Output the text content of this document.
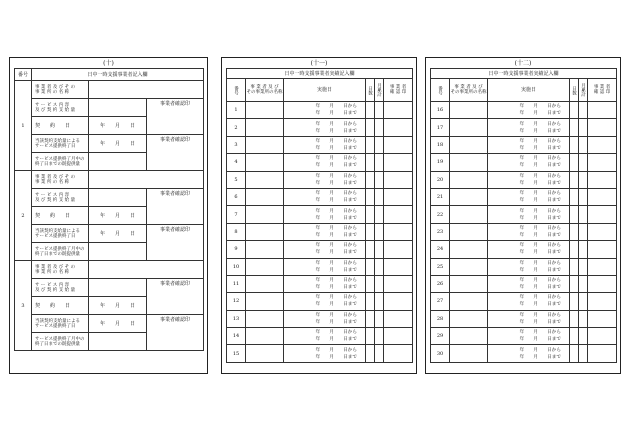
(十)
番号	日中一時支援事業者記入欄		
1	事 業 者 及 び そ の
事 業 所 の 名 称		
	サ ー ビ ス 内 容
及 び 契 約 支 給 量		事業者確認印
	契　　約　　日	年　　月　　日	
	当該契約支給量による
サービス提供終了日	年　　月　　日	事業者確認印
	サービス提供終了月中の
終了日までの既提供量		
2	事 業 者 及 び そ の
事 業 所 の 名 称		
	サ ー ビ ス 内 容
及 び 契 約 支 給 量		事業者確認印
	契　　約　　日	年　　月　　日	
	当該契約支給量による
サービス提供終了日	年　　月　　日	事業者確認印
	サービス提供終了月中の
終了日までの既提供量		
3	事 業 者 及 び そ の
事 業 所 の 名 称		
	サ ー ビ ス 内 容
及 び 契 約 支 給 量		事業者確認印
	契　　約　　日	年　　月　　日	
	当該契約支給量による
サービス提供終了日	年　　月　　日	事業者確認印
	サービス提供終了月中の
終了日までの既提供量		
(十一)
日中一時支援事業者実績記入欄					

番号	事 業 者 及 び
その事業所の名称	実施日	日数	月累計	事 業 者
確 認 印
1		年　　月　　日から
年　　月　　日まで			

2		年　　月　　日から
年　　月　　日まで			

3		年　　月　　日から
年　　月　　日まで			

4		年　　月　　日から
年　　月　　日まで			

5		年　　月　　日から
年　　月　　日まで			

6		年　　月　　日から
年　　月　　日まで			

7		年　　月　　日から
年　　月　　日まで			

8		年　　月　　日から
年　　月　　日まで			

9		年　　月　　日から
年　　月　　日まで			

10		年　　月　　日から
年　　月　　日まで			

11		年　　月　　日から
年　　月　　日まで			

12		年　　月　　日から
年　　月　　日まで			

13		年　　月　　日から
年　　月　　日まで			

14		年　　月　　日から
年　　月　　日まで			

15		年　　月　　日から
年　　月　　日まで			

(十二)
日中一時支援事業者実績記入欄					

番号	事 業 者 及 び
その事業所の名称	実施日	日数	月累計	事 業 者
確 認 印
16		年　　月　　日から
年　　月　　日まで			

17		年　　月　　日から
年　　月　　日まで			

18		年　　月　　日から
年　　月　　日まで			

19		年　　月　　日から
年　　月　　日まで			

20		年　　月　　日から
年　　月　　日まで			

21		年　　月　　日から
年　　月　　日まで			

22		年　　月　　日から
年　　月　　日まで			

23		年　　月　　日から
年　　月　　日まで			

24		年　　月　　日から
年　　月　　日まで			

25		年　　月　　日から
年　　月　　日まで			

26		年　　月　　日から
年　　月　　日まで			

27		年　　月　　日から
年　　月　　日まで			

28		年　　月　　日から
年　　月　　日まで			

29		年　　月　　日から
年　　月　　日まで			

30		年　　月　　日から
年　　月　　日まで			
